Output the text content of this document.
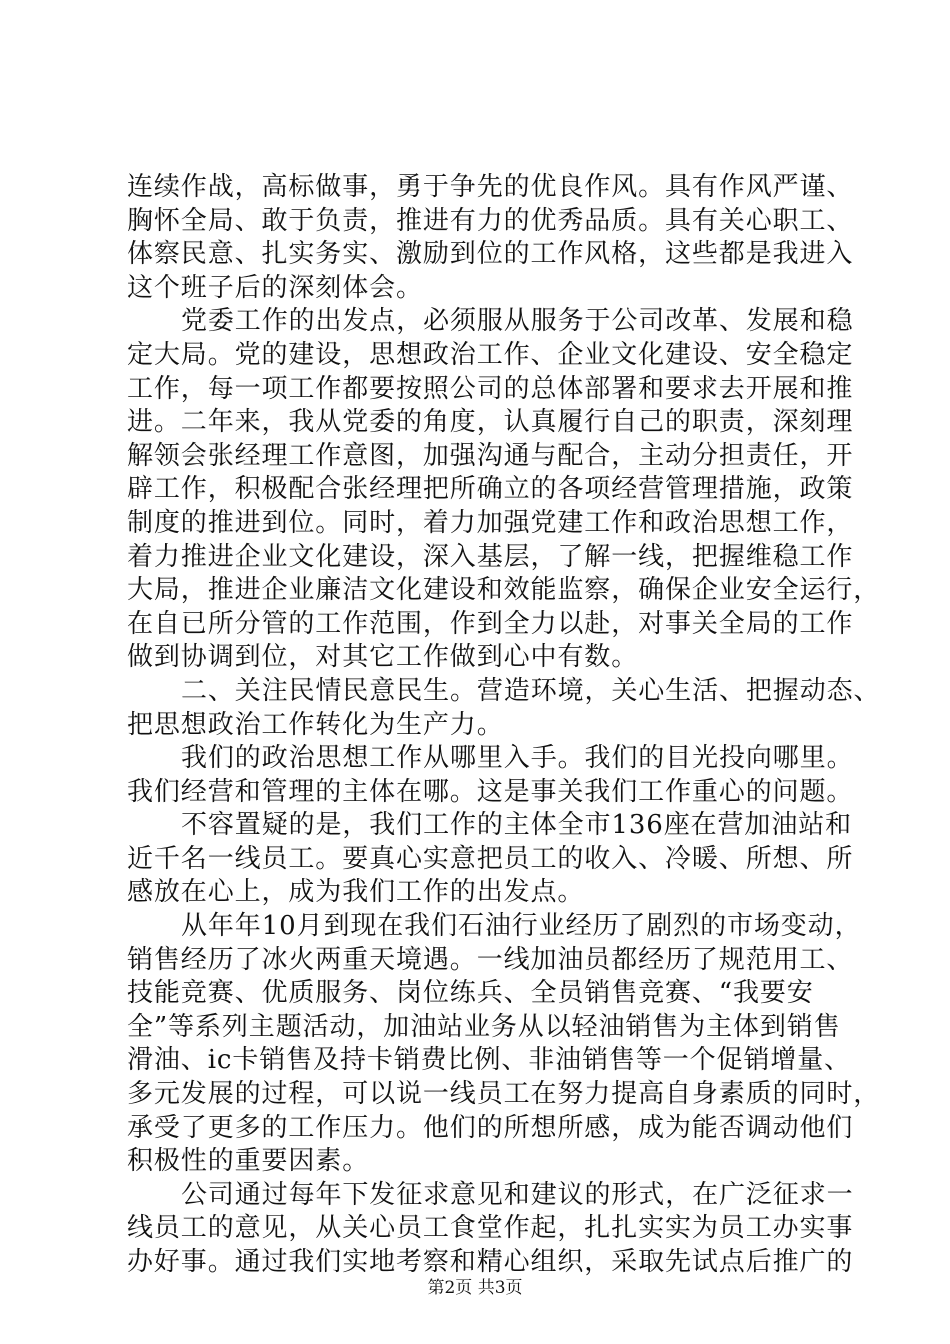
连续作战，高标做事，勇于争先的优良作风。具有作风严谨、
胸怀全局、敢于负责，推进有力的优秀品质。具有关心职工、
体察民意、扎实务实、激励到位的工作风格，这些都是我进入
这个班子后的深刻体会。
党委工作的出发点，必须服从服务于公司改革、发展和稳
定大局。党的建设，思想政治工作、企业文化建设、安全稳定
工作，每一项工作都要按照公司的总体部署和要求去开展和推
进。二年来，我从党委的角度，认真履行自己的职责，深刻理
解领会张经理工作意图，加强沟通与配合，主动分担责任，开
辟工作，积极配合张经理把所确立的各项经营管理措施，政策
制度的推进到位。同时，着力加强党建工作和政治思想工作，
着力推进企业文化建设，深入基层，了解一线，把握维稳工作
大局，推进企业廉洁文化建设和效能监察，确保企业安全运行，
在自已所分管的工作范围，作到全力以赴，对事关全局的工作
做到协调到位，对其它工作做到心中有数。
二、关注民情民意民生。营造环境，关心生活、把握动态、
把思想政治工作转化为生产力。
我们的政治思想工作从哪里入手。我们的目光投向哪里。
我们经营和管理的主体在哪。这是事关我们工作重心的问题。
不容置疑的是，我们工作的主体全市136座在营加油站和
近千名一线员工。要真心实意把员工的收入、冷暖、所想、所
感放在心上，成为我们工作的出发点。
从年年10月到现在我们石油行业经历了剧烈的市场变动，
销售经历了冰火两重天境遇。一线加油员都经历了规范用工、
技能竞赛、优质服务、岗位练兵、全员销售竞赛、“我要安
全”等系列主题活动，加油站业务从以轻油销售为主体到销售
滑油、ic卡销售及持卡销费比例、非油销售等一个促销增量、
多元发展的过程，可以说一线员工在努力提高自身素质的同时，
承受了更多的工作压力。他们的所想所感，成为能否调动他们
积极性的重要因素。
公司通过每年下发征求意见和建议的形式，在广泛征求一
线员工的意见，从关心员工食堂作起，扎扎实实为员工办实事
办好事。通过我们实地考察和精心组织，采取先试点后推广的
第2页 共3页
